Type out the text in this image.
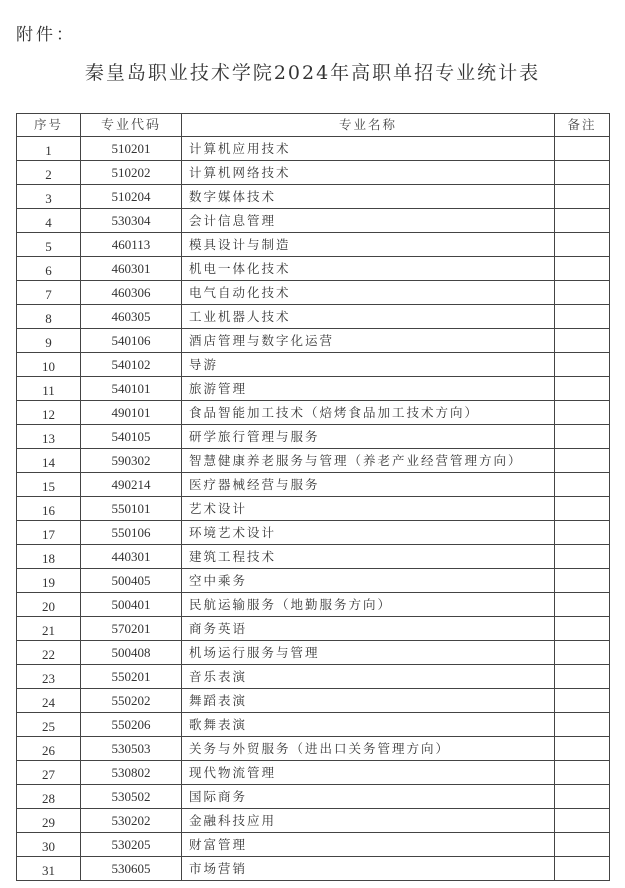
附件：
秦皇岛职业技术学院2024年高职单招专业统计表
序号	专业代码	专业名称	备注
1	510201	计算机应用技术	
2	510202	计算机网络技术	
3	510204	数字媒体技术	
4	530304	会计信息管理	
5	460113	模具设计与制造	
6	460301	机电一体化技术	
7	460306	电气自动化技术	
8	460305	工业机器人技术	
9	540106	酒店管理与数字化运营	
10	540102	导游	
11	540101	旅游管理	
12	490101	食品智能加工技术（焙烤食品加工技术方向）	
13	540105	研学旅行管理与服务	
14	590302	智慧健康养老服务与管理（养老产业经营管理方向）	
15	490214	医疗器械经营与服务	
16	550101	艺术设计	
17	550106	环境艺术设计	
18	440301	建筑工程技术	
19	500405	空中乘务	
20	500401	民航运输服务（地勤服务方向）	
21	570201	商务英语	
22	500408	机场运行服务与管理	
23	550201	音乐表演	
24	550202	舞蹈表演	
25	550206	歌舞表演	
26	530503	关务与外贸服务（进出口关务管理方向）	
27	530802	现代物流管理	
28	530502	国际商务	
29	530202	金融科技应用	
30	530205	财富管理	
31	530605	市场营销	
